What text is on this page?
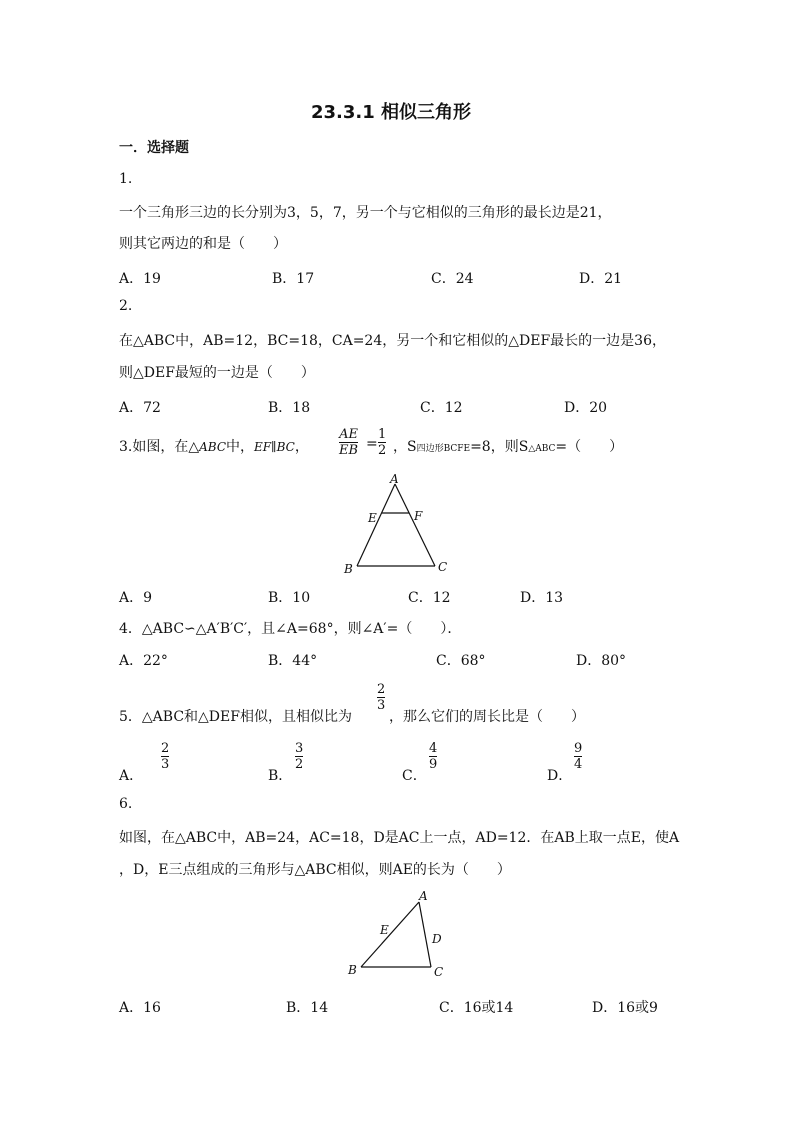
23.3.1 相似三角形
一．选择题
1.
一个三角形三边的长分别为3，5，7，另一个与它相似的三角形的最长边是21，
则其它两边的和是（　　）
A．19	B．17	C．24	D．21
2.
在△ABC中，AB=12，BC=18，CA=24，另一个和它相似的△DEF最长的一边是36，
则△DEF最短的一边是（　　）
A．72	B．18	C．12	D．20
3.如图，在△ABC中，EF∥BC，
AE
EB =
1
2 ，S四边形BCFE=8，则S△ABC=（　　）
A
E	F
B	C
A．9	B．10	C．12	D．13
4．△ABC∽△A′B′C′，且∠A=68°，则∠A′=（　　）．
A．22°	B．44°	C．68°	D．80°
5．△ABC和△DEF相似，且相似比为
2
3
，那么它们的周长比是（　　）
A．
2
3
B．
3
2
C．
4
9
D．
9
4
6.
如图，在△ABC中，AB=24，AC=18，D是AC上一点，AD=12．在AB上取一点E，使A
，D，E三点组成的三角形与△ABC相似，则AE的长为（　　）
A
E
D
B	C
A．16	B．14	C．16或14	D．16或9
